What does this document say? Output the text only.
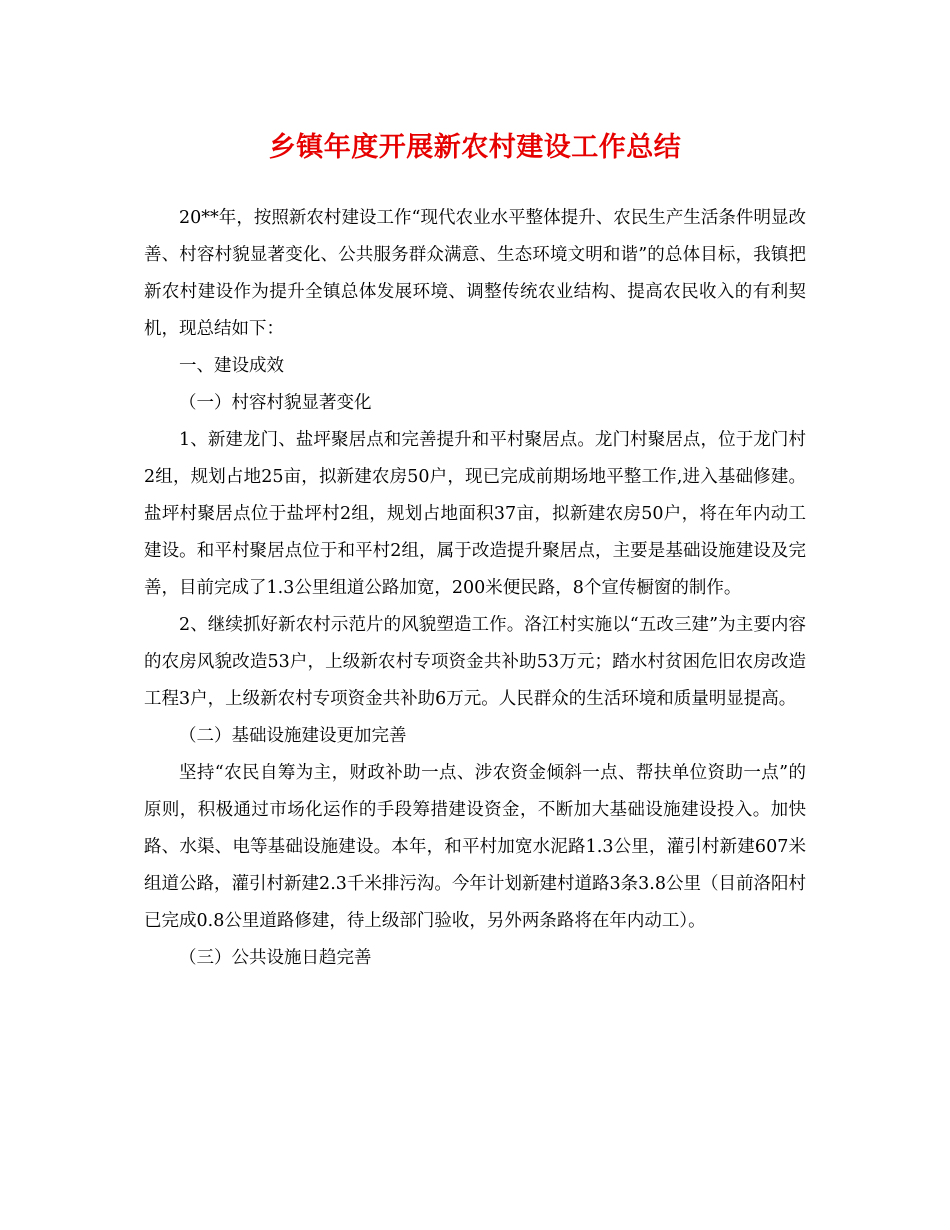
乡镇年度开展新农村建设工作总结

20**年，按照新农村建设工作“现代农业水平整体提升、农民生产生活条件明显改善、村容村貌显著变化、公共服务群众满意、生态环境文明和谐”的总体目标，我镇把新农村建设作为提升全镇总体发展环境、调整传统农业结构、提高农民收入的有利契机，现总结如下：

一、建设成效

（一）村容村貌显著变化

1、新建龙门、盐坪聚居点和完善提升和平村聚居点。龙门村聚居点，位于龙门村2组，规划占地25亩，拟新建农房50户，现已完成前期场地平整工作,进入基础修建。盐坪村聚居点位于盐坪村2组，规划占地面积37亩，拟新建农房50户，将在年内动工建设。和平村聚居点位于和平村2组，属于改造提升聚居点，主要是基础设施建设及完善，目前完成了1.3公里组道公路加宽，200米便民路，8个宣传橱窗的制作。

2、继续抓好新农村示范片的风貌塑造工作。洛江村实施以“五改三建”为主要内容的农房风貌改造53户，上级新农村专项资金共补助53万元；踏水村贫困危旧农房改造工程3户，上级新农村专项资金共补助6万元。人民群众的生活环境和质量明显提高。

（二）基础设施建设更加完善

坚持“农民自筹为主，财政补助一点、涉农资金倾斜一点、帮扶单位资助一点”的原则，积极通过市场化运作的手段筹措建设资金，不断加大基础设施建设投入。加快路、水渠、电等基础设施建设。本年，和平村加宽水泥路1.3公里，灌引村新建607米组道公路，灌引村新建2.3千米排污沟。今年计划新建村道路3条3.8公里（目前洛阳村已完成0.8公里道路修建，待上级部门验收，另外两条路将在年内动工）。

（三）公共设施日趋完善
